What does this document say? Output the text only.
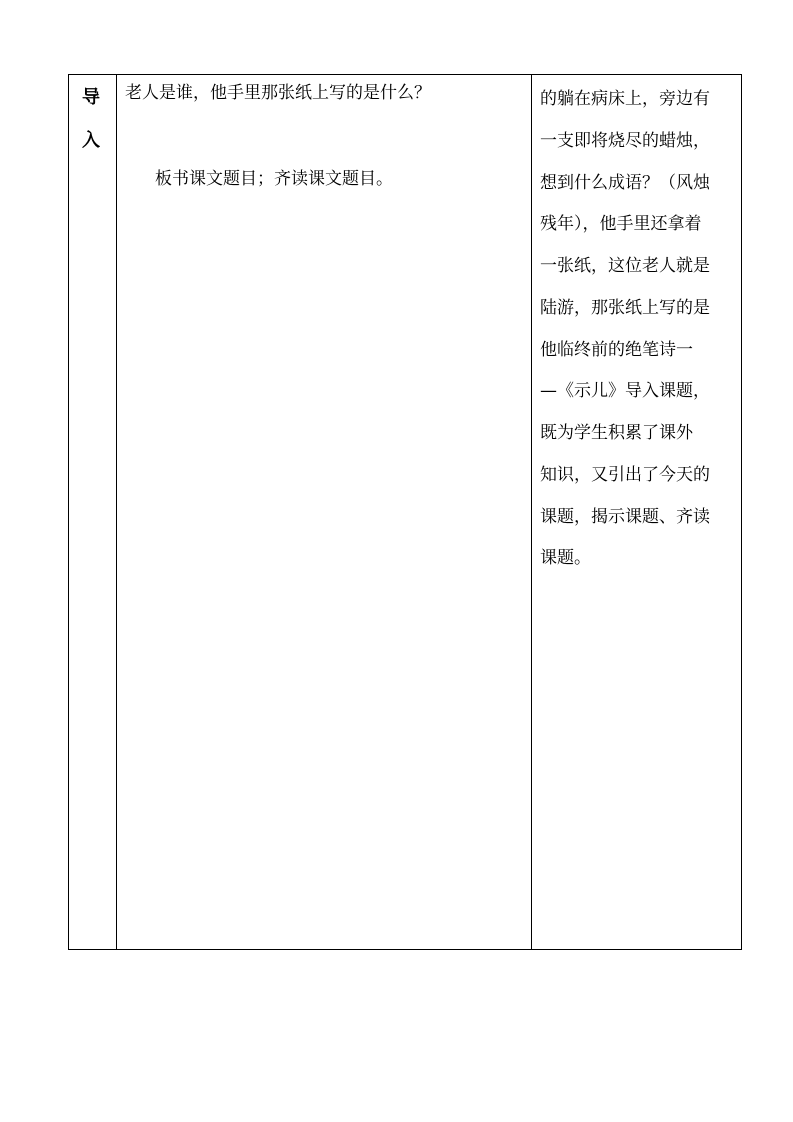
导
入
老人是谁，他手里那张纸上写的是什么？
板书课文题目；齐读课文题目。
的躺在病床上，旁边有
一支即将烧尽的蜡烛，
想到什么成语？（风烛
残年），他手里还拿着
一张纸，这位老人就是
陆游，那张纸上写的是
他临终前的绝笔诗一
—《示儿》导入课题，
既为学生积累了课外
知识，又引出了今天的
课题，揭示课题、齐读
课题。
